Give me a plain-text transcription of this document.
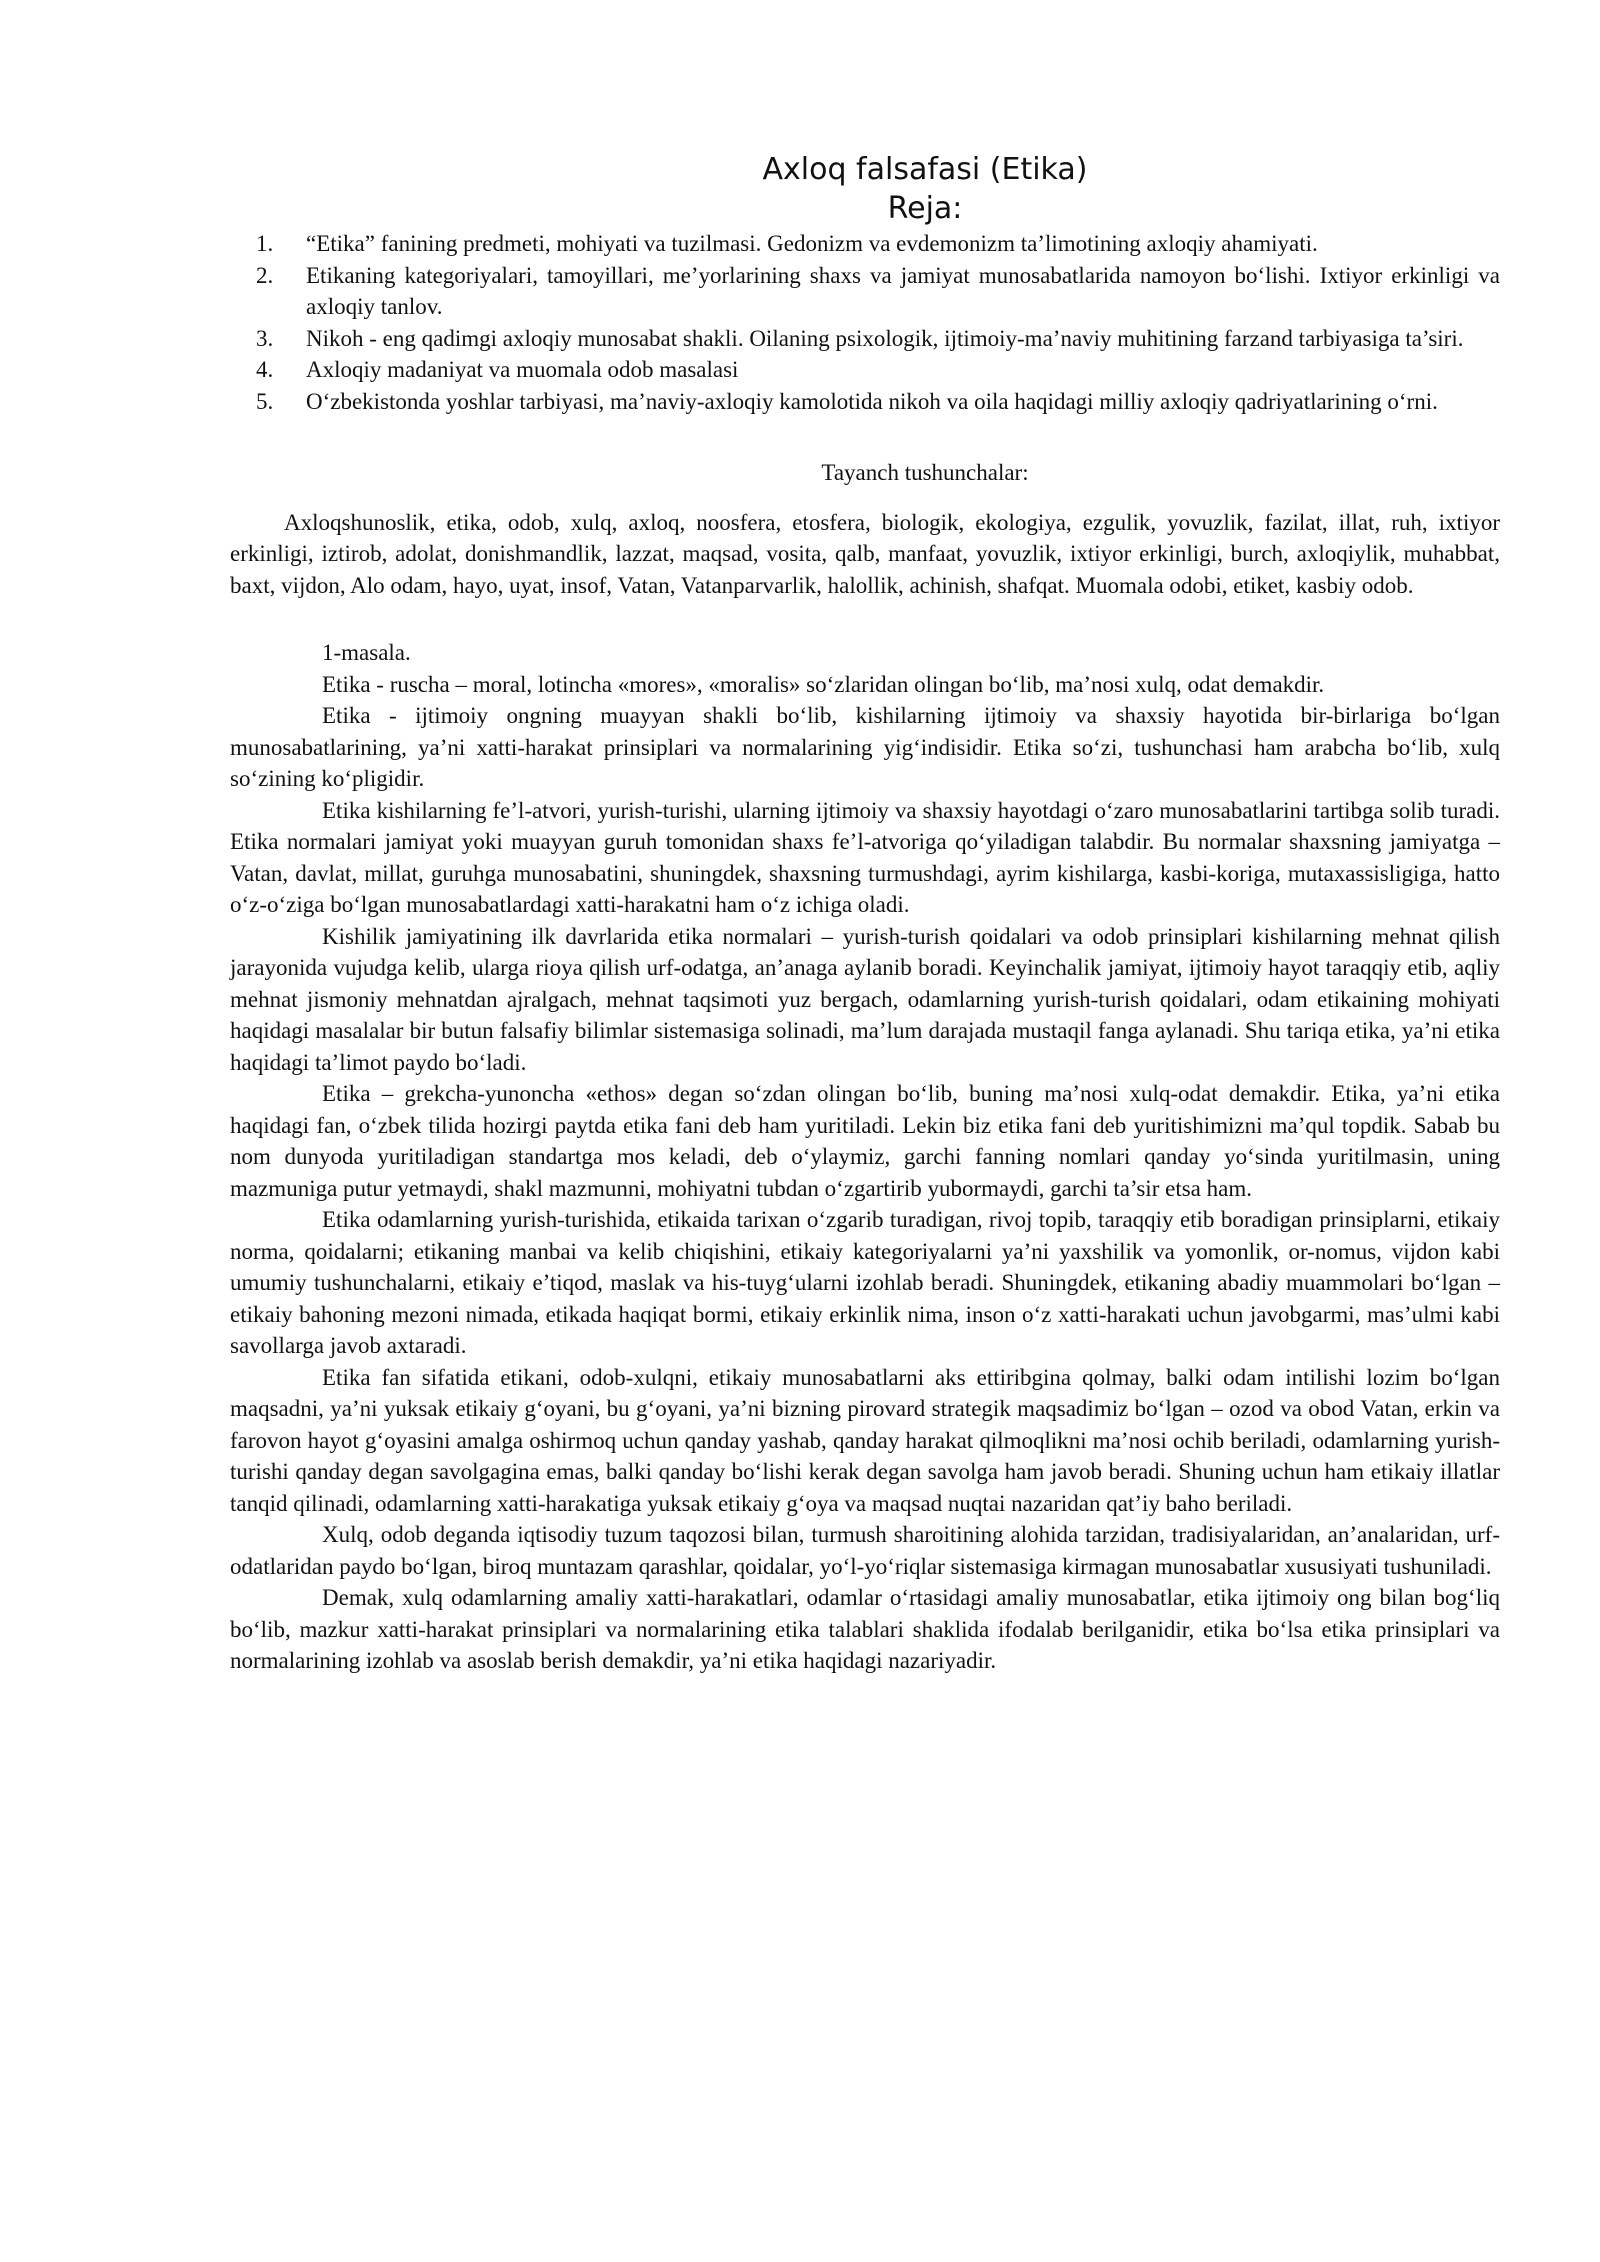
Axloq falsafasi (Etika)
Reja:
1. “Etika” fanining predmeti, mohiyati va tuzilmasi. Gedonizm va evdemonizm ta’limotining axloqiy ahamiyati.
2. Etikaning kategoriyalari, tamoyillari, me’yorlarining shaxs va jamiyat munosabatlarida namoyon bo‘lishi. Ixtiyor erkinligi va axloqiy tanlov.
3. Nikoh - eng qadimgi axloqiy munosabat shakli. Oilaning psixologik, ijtimoiy-ma’naviy muhitining farzand tarbiyasiga ta’siri.
4. Axloqiy madaniyat va muomala odob masalasi
5. O‘zbekistonda yoshlar tarbiyasi, ma’naviy-axloqiy kamolotida nikoh va oila haqidagi milliy axloqiy qadriyatlarining o‘rni.
Tayanch tushunchalar:

Axloqshunoslik, etika, odob, xulq, axloq, noosfera, etosfera, biologik, ekologiya, ezgulik, yovuzlik, fazilat, illat, ruh, ixtiyor erkinligi, iztirob, adolat, donishmandlik, lazzat, maqsad, vosita, qalb, manfaat, yovuzlik, ixtiyor erkinligi, burch, axloqiylik, muhabbat, baxt, vijdon, Alo odam, hayo, uyat, insof, Vatan, Vatanparvarlik, halollik, achinish, shafqat. Muomala odobi, etiket, kasbiy odob.

1-masala.

Etika - ruscha – moral, lotincha «mores», «moralis» so‘zlaridan olingan bo‘lib, ma’nosi xulq, odat demakdir.

Etika - ijtimoiy ongning muayyan shakli bo‘lib, kishilarning ijtimoiy va shaxsiy hayotida bir-birlariga bo‘lgan munosabatlarining, ya’ni xatti-harakat prinsiplari va normalarining yig‘indisidir. Etika so‘zi, tushunchasi ham arabcha bo‘lib, xulq so‘zining ko‘pligidir.

Etika kishilarning fe’l-atvori, yurish-turishi, ularning ijtimoiy va shaxsiy hayotdagi o‘zaro munosabatlarini tartibga solib turadi. Etika normalari jamiyat yoki muayyan guruh tomonidan shaxs fe’l-atvoriga qo‘yiladigan talabdir. Bu normalar shaxsning jamiyatga – Vatan, davlat, millat, guruhga munosabatini, shuningdek, shaxsning turmushdagi, ayrim kishilarga, kasbi-koriga, mutaxassisligiga, hatto o‘z-o‘ziga bo‘lgan munosabatlardagi xatti-harakatni ham o‘z ichiga oladi.

Kishilik jamiyatining ilk davrlarida etika normalari – yurish-turish qoidalari va odob prinsiplari kishilarning mehnat qilish jarayonida vujudga kelib, ularga rioya qilish urf-odatga, an’anaga aylanib boradi. Keyinchalik jamiyat, ijtimoiy hayot taraqqiy etib, aqliy mehnat jismoniy mehnatdan ajralgach, mehnat taqsimoti yuz bergach, odamlarning yurish-turish qoidalari, odam etikaining mohiyati haqidagi masalalar bir butun falsafiy bilimlar sistemasiga solinadi, ma’lum darajada mustaqil fanga aylanadi. Shu tariqa etika, ya’ni etika haqidagi ta’limot paydo bo‘ladi.

Etika – grekcha-yunoncha «ethos» degan so‘zdan olingan bo‘lib, buning ma’nosi xulq-odat demakdir. Etika, ya’ni etika haqidagi fan, o‘zbek tilida hozirgi paytda etika fani deb ham yuritiladi. Lekin biz etika fani deb yuritishimizni ma’qul topdik. Sabab bu nom dunyoda yuritiladigan standartga mos keladi, deb o‘ylaymiz, garchi fanning nomlari qanday yo‘sinda yuritilmasin, uning mazmuniga putur yetmaydi, shakl mazmunni, mohiyatni tubdan o‘zgartirib yubormaydi, garchi ta’sir etsa ham.

Etika odamlarning yurish-turishida, etikaida tarixan o‘zgarib turadigan, rivoj topib, taraqqiy etib boradigan prinsiplarni, etikaiy norma, qoidalarni; etikaning manbai va kelib chiqishini, etikaiy kategoriyalarni ya’ni yaxshilik va yomonlik, or-nomus, vijdon kabi umumiy tushunchalarni, etikaiy e’tiqod, maslak va his-tuyg‘ularni izohlab beradi. Shuningdek, etikaning abadiy muammolari bo‘lgan – etikaiy bahoning mezoni nimada, etikada haqiqat bormi, etikaiy erkinlik nima, inson o‘z xatti-harakati uchun javobgarmi, mas’ulmi kabi savollarga javob axtaradi.

Etika fan sifatida etikani, odob-xulqni, etikaiy munosabatlarni aks ettiribgina qolmay, balki odam intilishi lozim bo‘lgan maqsadni, ya’ni yuksak etikaiy g‘oyani, bu g‘oyani, ya’ni bizning pirovard strategik maqsadimiz bo‘lgan – ozod va obod Vatan, erkin va farovon hayot g‘oyasini amalga oshirmoq uchun qanday yashab, qanday harakat qilmoqlikni ma’nosi ochib beriladi, odamlarning yurish-turishi qanday degan savolgagina emas, balki qanday bo‘lishi kerak degan savolga ham javob beradi. Shuning uchun ham etikaiy illatlar tanqid qilinadi, odamlarning xatti-harakatiga yuksak etikaiy g‘oya va maqsad nuqtai nazaridan qat’iy baho beriladi.

Xulq, odob deganda iqtisodiy tuzum taqozosi bilan, turmush sharoitining alohida tarzidan, tradisiyalaridan, an’analaridan, urf-odatlaridan paydo bo‘lgan, biroq muntazam qarashlar, qoidalar, yo‘l-yo‘riqlar sistemasiga kirmagan munosabatlar xususiyati tushuniladi.

Demak, xulq odamlarning amaliy xatti-harakatlari, odamlar o‘rtasidagi amaliy munosabatlar, etika ijtimoiy ong bilan bog‘liq bo‘lib, mazkur xatti-harakat prinsiplari va normalarining etika talablari shaklida ifodalab berilganidir, etika bo‘lsa etika prinsiplari va normalarining izohlab va asoslab berish demakdir, ya’ni etika haqidagi nazariyadir.
